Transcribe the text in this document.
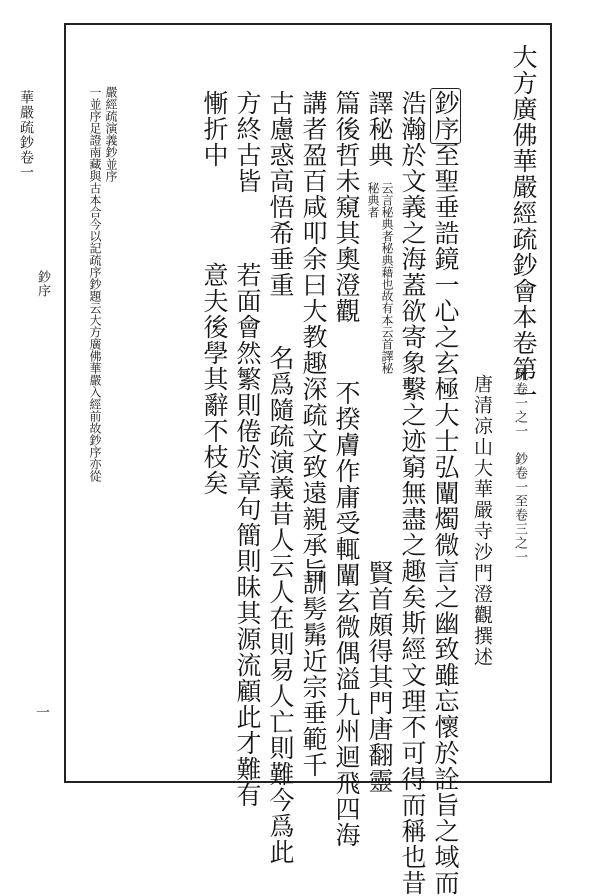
華嚴疏鈔卷一
鈔序
一
大方廣佛華嚴經疏鈔會本卷第一
疏卷一之一　鈔卷一至卷三之一
唐清凉山大華嚴寺沙門澄觀撰述
鈔序
至聖垂誥鏡一心之玄極大士弘闡燭微言之幽致雖忘懷於詮旨之域而
浩瀚於文義之海蓋欲寄象繫之迹窮無盡之趣矣斯經文理不可得而稱也昔
譯秘典
云言秘典者秘典藉也故有本云首譯秘
秘典者
賢首頗得其門唐翻靈
篇後哲未窺其奧澄觀
不揆膚作庸受輒闡玄微偶溢九州迴飛四海
講者盈百咸叩余曰大教趣深疏文致遠親承旨
訓髣髴近宗垂範千
古慮惑高悟希垂重
名爲隨疏演義昔人云人在則易人亡則難今爲此
方終古皆
若面會然繁則倦於章句簡則昧其源流顧此才難有
慚折中
意夫後學其辭不枝矣
嚴經疏演義鈔並序
一並序足證南藏與古本合今以記疏序鈔題云大方廣佛華嚴入經前故鈔序亦從
